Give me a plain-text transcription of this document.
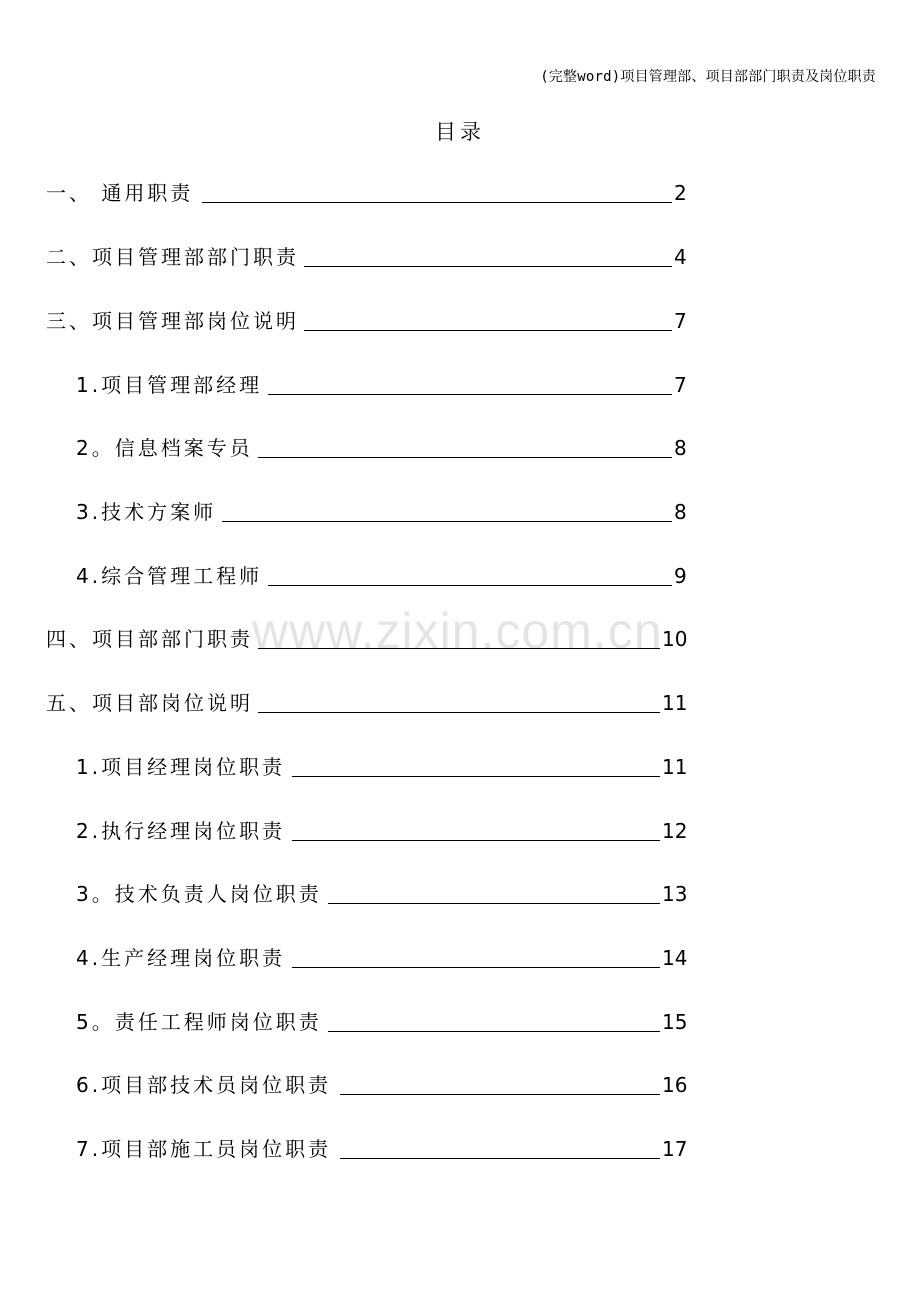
(完整word)项目管理部、项目部部门职责及岗位职责
目录
www.zixin.com.cn
一、 通用职责	2
二、项目管理部部门职责	4
三、项目管理部岗位说明	7
1.项目管理部经理	7
2。信息档案专员	8
3.技术方案师	8
4.综合管理工程师	9
四、项目部部门职责	10
五、项目部岗位说明	11
1.项目经理岗位职责	11
2.执行经理岗位职责	12
3。技术负责人岗位职责	13
4.生产经理岗位职责	14
5。责任工程师岗位职责	15
6.项目部技术员岗位职责	16
7.项目部施工员岗位职责	17
